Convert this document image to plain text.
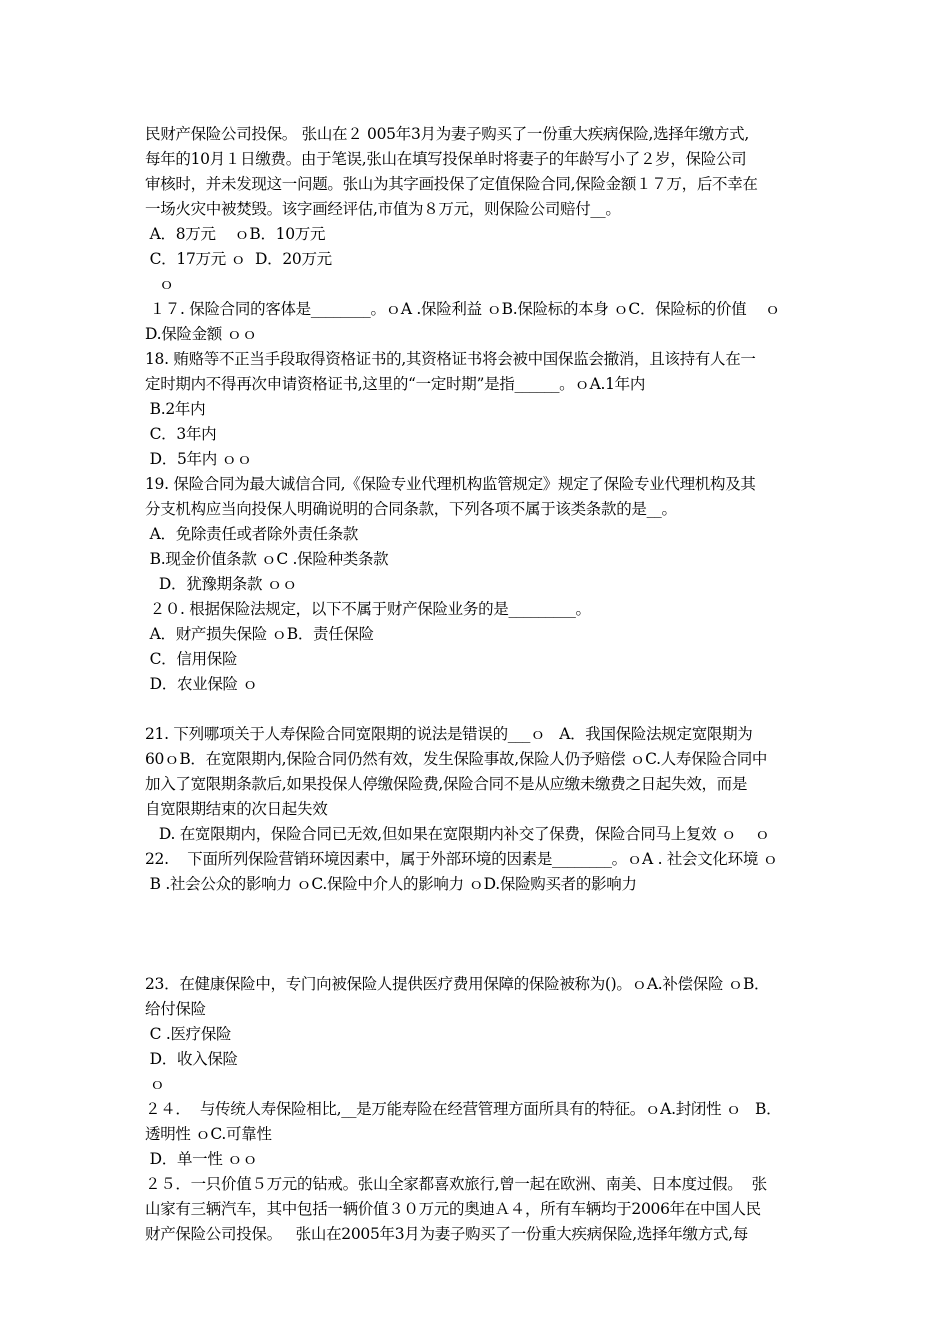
民财产保险公司投保。 张山在２ 005年3月为妻子购买了一份重大疾病保险,选择年缴方式,
每年的10月１日缴费。由于笔误,张山在填写投保单时将妻子的年龄写小了２岁，保险公司
审核时，并未发现这一问题。张山为其字画投保了定值保险合同,保险金额１７万，后不幸在
一场火灾中被焚毁。该字画经评估,市值为８万元，则保险公司赔付__。
A．8万元    ｏB．10万元
C．17万元 ｏ  D．20万元
ｏ
１７. 保险合同的客体是________。ｏA .保险利益 ｏB.保险标的本身 ｏC．保险标的价值    ｏ
D.保险金额 ｏｏ
18. 贿赂等不正当手段取得资格证书的,其资格证书将会被中国保监会撤消，且该持有人在一
定时期内不得再次申请资格证书,这里的“一定时期”是指______。ｏA.1年内
B.2年内
C．3年内
D．5年内 ｏｏ
19. 保险合同为最大诚信合同,《保险专业代理机构监管规定》规定了保险专业代理机构及其
分支机构应当向投保人明确说明的合同条款，下列各项不属于该类条款的是__。
A．免除责任或者除外责任条款
B.现金价值条款 ｏC .保险种类条款
D．犹豫期条款 ｏｏ
２０. 根据保险法规定，以下不属于财产保险业务的是_________。
A．财产损失保险 ｏB．责任保险
C．信用保险
D．农业保险 ｏ
21. 下列哪项关于人寿保险合同宽限期的说法是错误的___ｏ   A．我国保险法规定宽限期为
60ｏB．在宽限期内,保险合同仍然有效，发生保险事故,保险人仍予赔偿 ｏC.人寿保险合同中
加入了宽限期条款后,如果投保人停缴保险费,保险合同不是从应缴未缴费之日起失效，而是
自宽限期结束的次日起失效
D. 在宽限期内，保险合同已无效,但如果在宽限期内补交了保费，保险合同马上复效 ｏ    ｏ
22.    下面所列保险营销环境因素中，属于外部环境的因素是________。ｏA . 社会文化环境 ｏ
B .社会公众的影响力 ｏC.保险中介人的影响力 ｏD.保险购买者的影响力
23．在健康保险中，专门向被保险人提供医疗费用保障的保险被称为()。ｏA.补偿保险 ｏB．
给付保险
C .医疗保险
D．收入保险
ｏ
２４．  与传统人寿保险相比,__是万能寿险在经营管理方面所具有的特征。ｏA.封闭性 ｏ   B．
透明性 ｏC.可靠性
D．单一性 ｏｏ
２５．一只价值５万元的钻戒。张山全家都喜欢旅行,曾一起在欧洲、南美、日本度过假。  张
山家有三辆汽车，其中包括一辆价值３０万元的奥迪Ａ４，所有车辆均于2006年在中国人民
财产保险公司投保。   张山在2005年3月为妻子购买了一份重大疾病保险,选择年缴方式,每
